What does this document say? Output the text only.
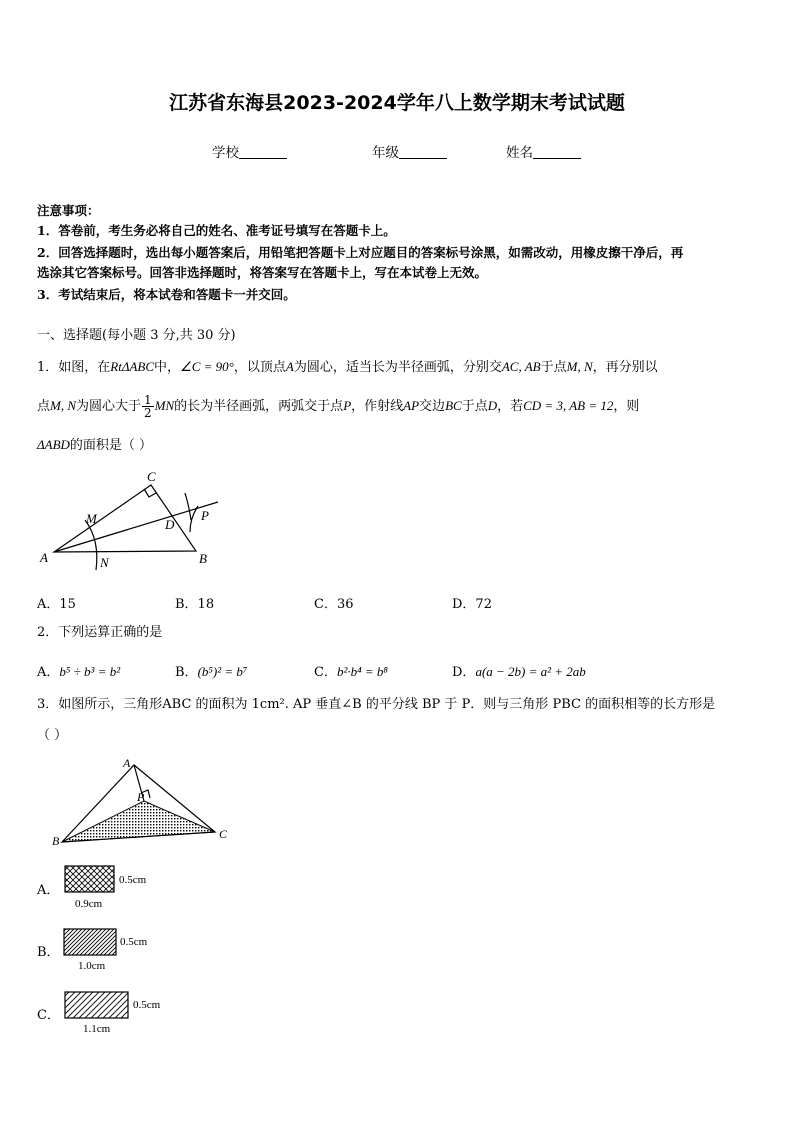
江苏省东海县2023-2024学年八上数学期末考试试题
学校	年级	姓名
注意事项：
1．答卷前，考生务必将自己的姓名、准考证号填写在答题卡上。
2．回答选择题时，选出每小题答案后，用铅笔把答题卡上对应题目的答案标号涂黑，如需改动，用橡皮擦干净后，再
选涂其它答案标号。回答非选择题时，将答案写在答题卡上，写在本试卷上无效。
3．考试结束后，将本试卷和答题卡一并交回。
一、选择题(每小题 3 分,共 30 分)
1．如图，在RtΔABC中，∠C = 90°，以顶点A为圆心，适当长为半径画弧，分别交AC, AB于点M, N，再分别以
点M, N为圆心大于 $\frac{1}{2}$ MN的长为半径画弧，两弧交于点P，作射线AP交边BC于点D，若CD = 3, AB = 12，则
ΔABD的面积是（ ）
A
C
B
D
M
N
P
A．15	B．18	C．36	D．72
2．下列运算正确的是
A．b⁵ ÷ b³ = b²	B．(b⁵)² = b⁷	C．b²·b⁴ = b⁸	D．a(a − 2b) = a² + 2ab
3．如图所示，三角形ABC 的面积为 1cm². AP 垂直∠B 的平分线 BP 于 P．则与三角形 PBC 的面积相等的长方形是
（ ）
A
B	C
P
A．
0.5cm
0.9cm
B．
0.5cm
1.0cm
C．
0.5cm
1.1cm
